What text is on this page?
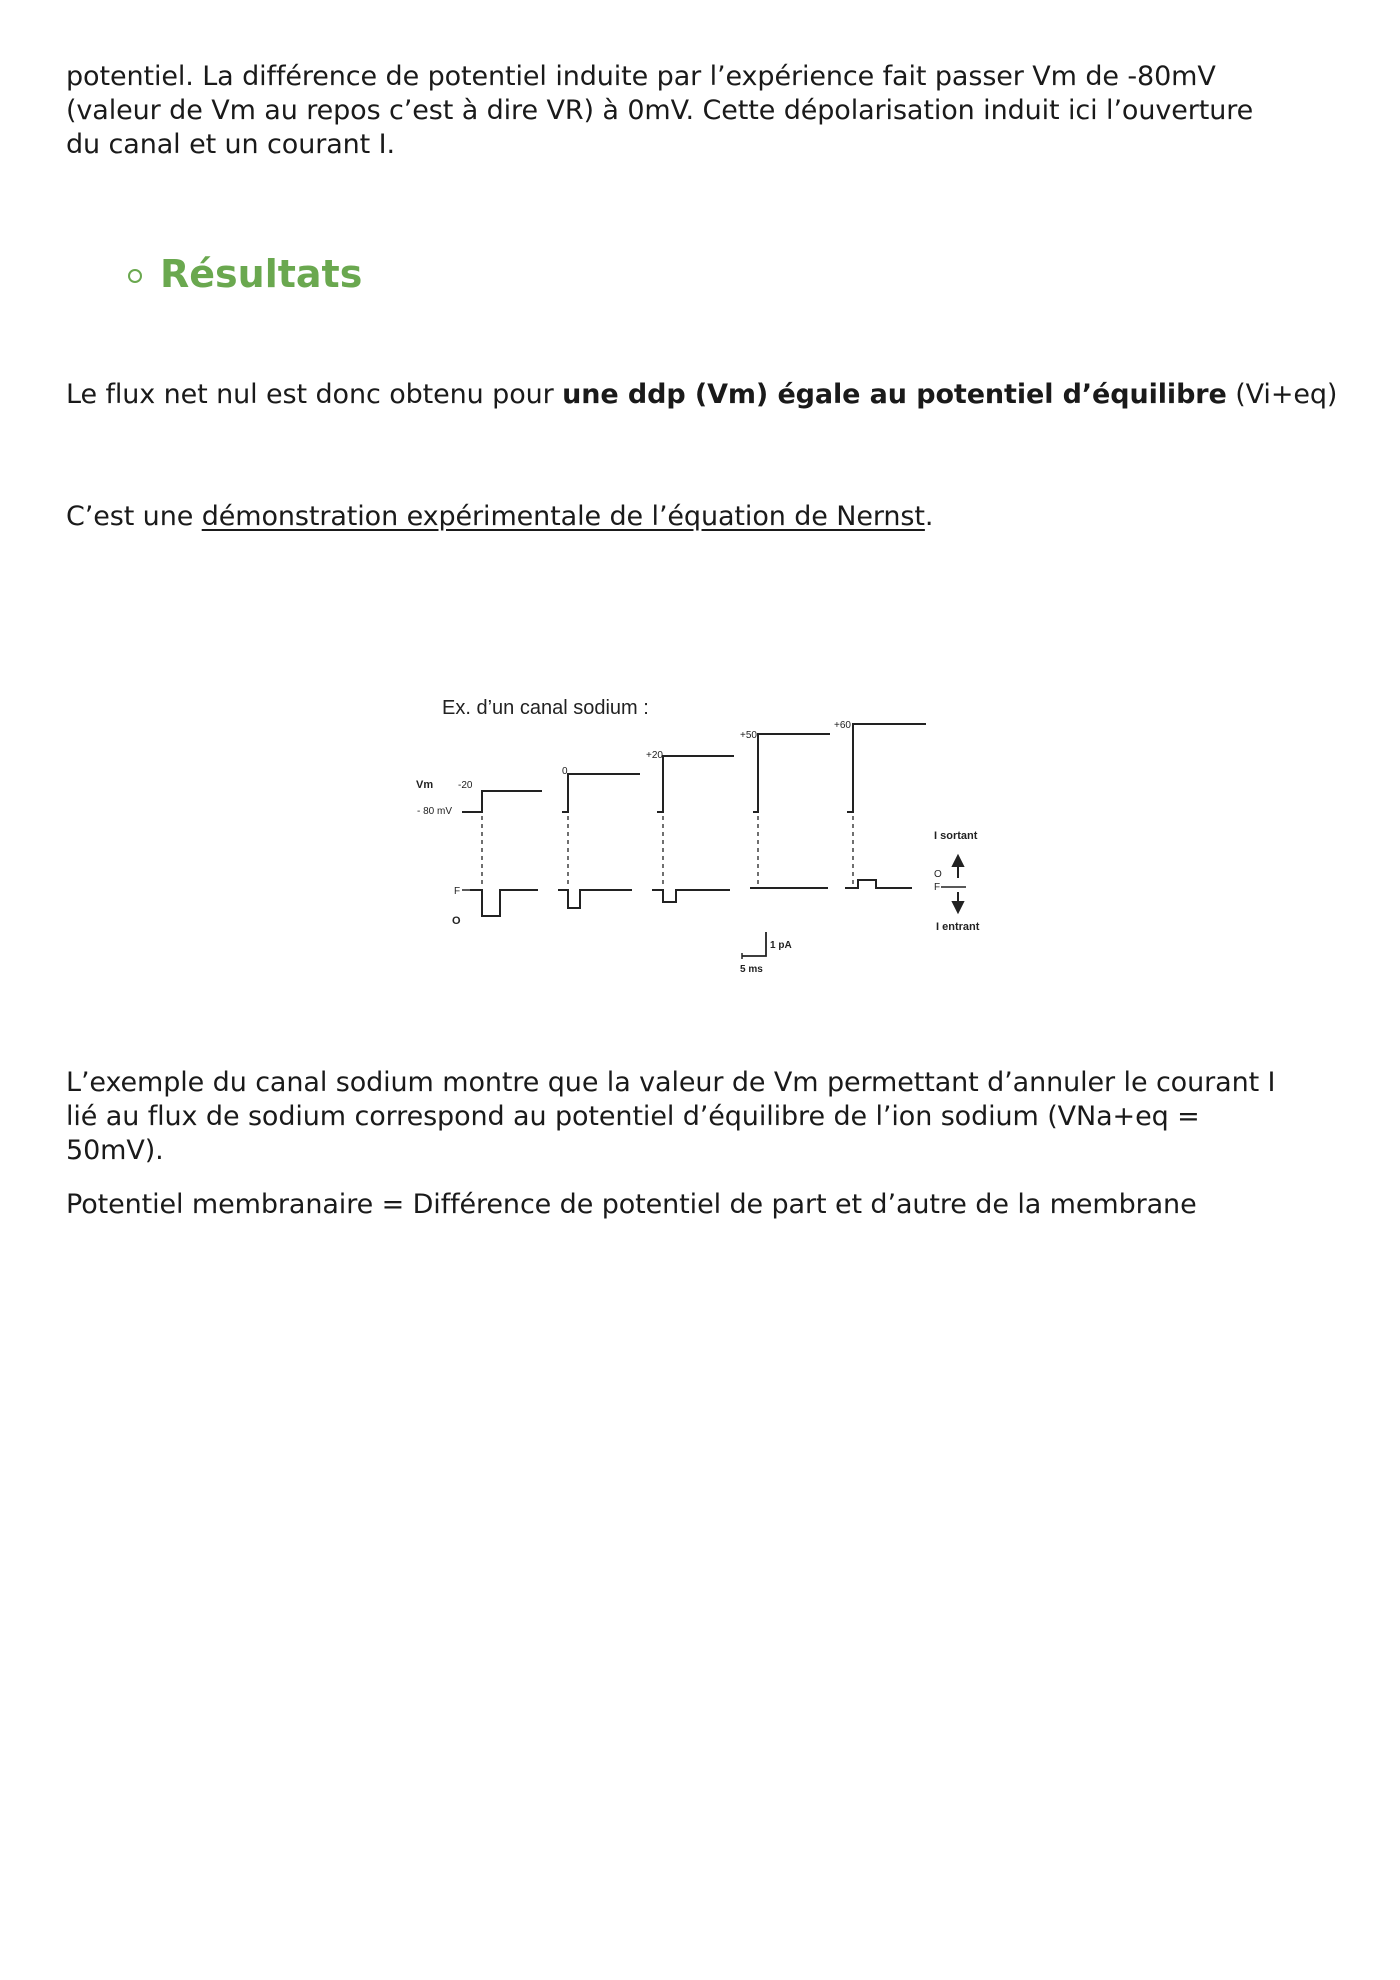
potentiel. La différence de potentiel induite par l’expérience fait passer Vm de -80mV
(valeur de Vm au repos c’est à dire VR) à 0mV. Cette dépolarisation induit ici l’ouverture
du canal et un courant I.

Résultats

Le flux net nul est donc obtenu pour une ddp (Vm) égale au potentiel d’équilibre (Vi+eq)

C’est une démonstration expérimentale de l’équation de Nernst.

Ex. d’un canal sodium :
Vm
- 80 mV
-20
0
+20
+50
+60
F
O
I sortant
O
F
I entrant
1 pA
5 ms

L’exemple du canal sodium montre que la valeur de Vm permettant d’annuler le courant I
lié au flux de sodium correspond au potentiel d’équilibre de l’ion sodium (VNa+eq =
50mV).

Potentiel membranaire = Différence de potentiel de part et d’autre de la membrane
